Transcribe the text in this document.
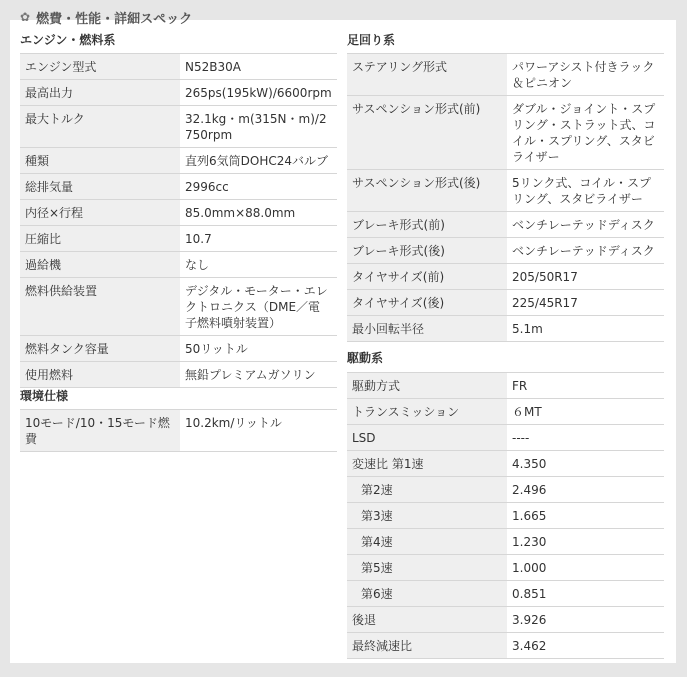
✿ 燃費・性能・詳細スペック
エンジン・燃料系
エンジン型式	N52B30A
最高出力	265ps(195kW)/6600rpm
最大トルク	32.1kg・m(315N・m)/2750rpm
種類	直列6気筒DOHC24バルブ
総排気量	2996cc
内径×行程	85.0mm×88.0mm
圧縮比	10.7
過給機	なし
燃料供給装置	デジタル・モーター・エレクトロニクス（DME／電子燃料噴射装置）
燃料タンク容量	50リットル
使用燃料	無鉛プレミアムガソリン
環境仕様
10モード/10・15モード燃費	10.2km/リットル
足回り系
ステアリング形式	パワーアシスト付きラック＆ピニオン
サスペンション形式(前)	ダブル・ジョイント・スプリング・ストラット式、コイル・スプリング、スタビライザー
サスペンション形式(後)	5リンク式、コイル・スプリング、スタビライザー
ブレーキ形式(前)	ベンチレーテッドディスク
ブレーキ形式(後)	ベンチレーテッドディスク
タイヤサイズ(前)	205/50R17
タイヤサイズ(後)	225/45R17
最小回転半径	5.1m
駆動系
駆動方式	FR
トランスミッション	６MT
LSD	----
変速比 第1速	4.350
第2速	2.496
第3速	1.665
第4速	1.230
第5速	1.000
第6速	0.851
後退	3.926
最終減速比	3.462
